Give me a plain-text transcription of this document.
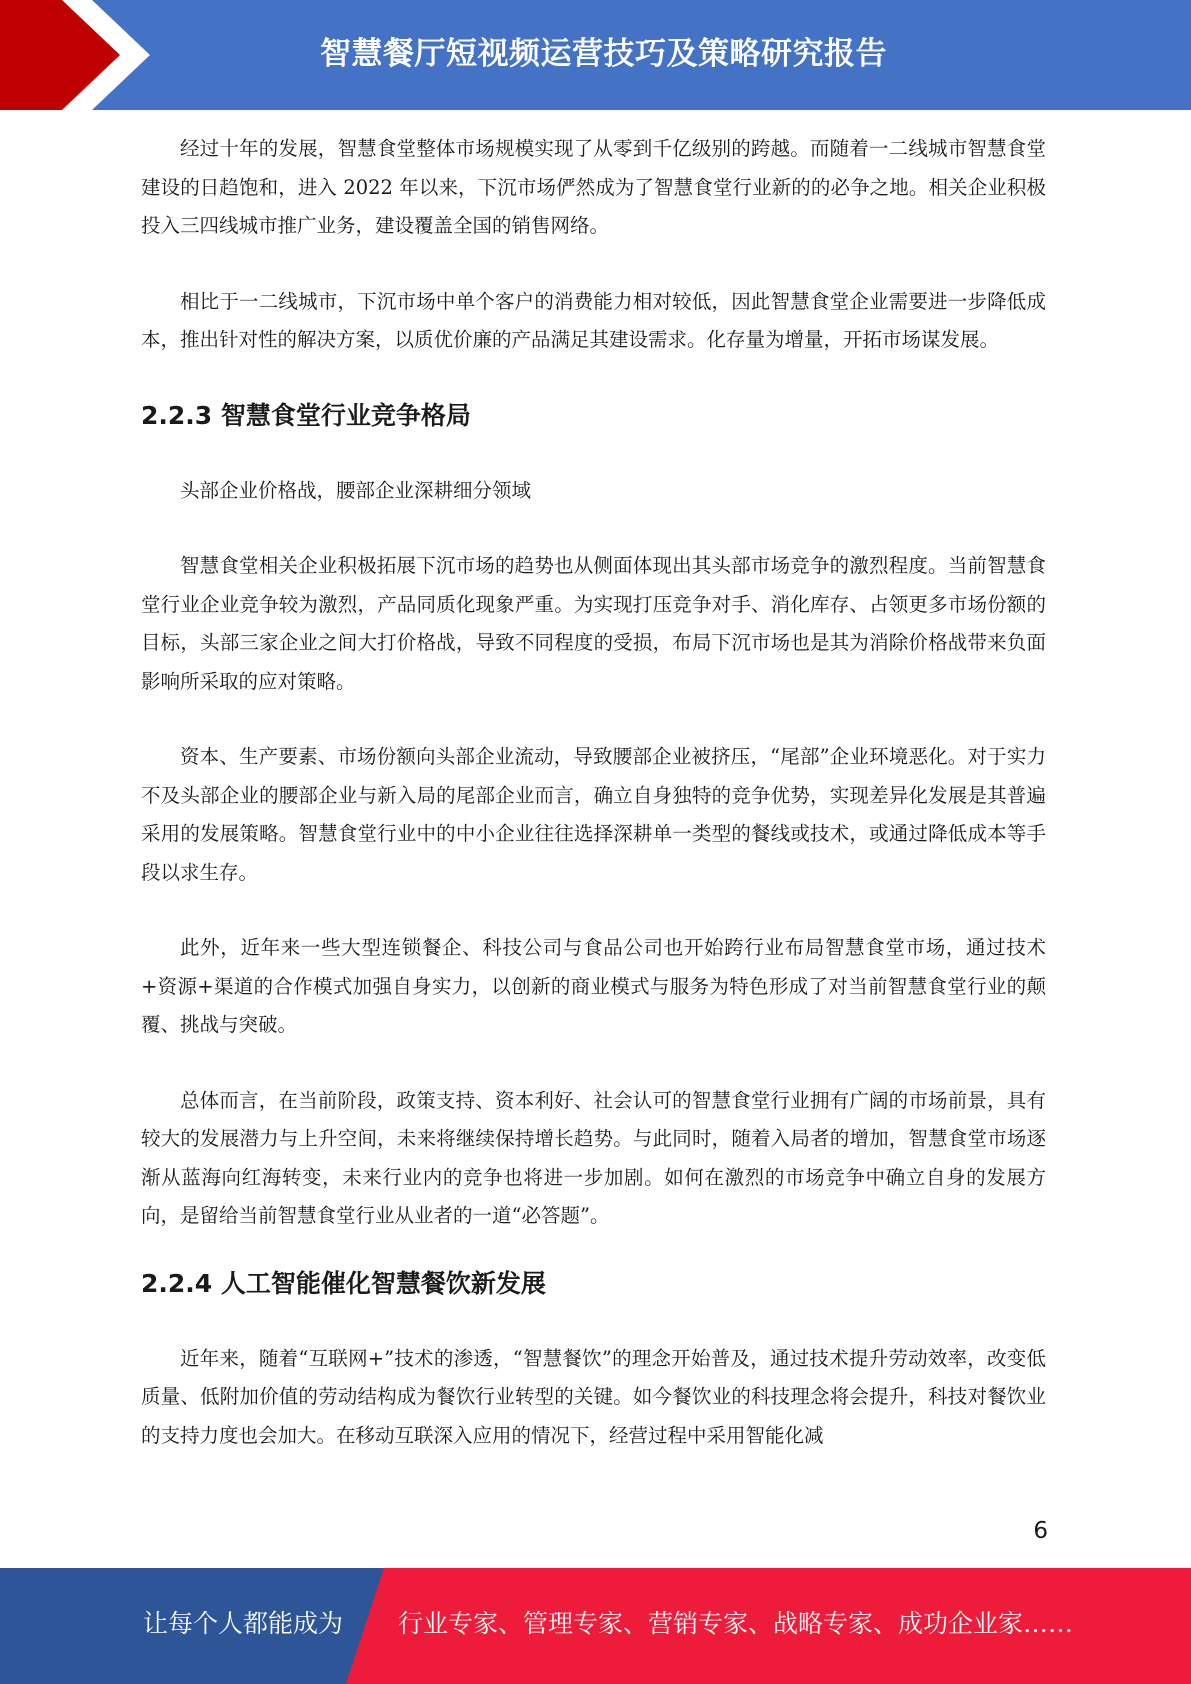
智慧餐厅短视频运营技巧及策略研究报告

经过十年的发展，智慧食堂整体市场规模实现了从零到千亿级别的跨越。而随着一二线城市智慧食堂建设的日趋饱和，进入 2022 年以来，下沉市场俨然成为了智慧食堂行业新的的必争之地。相关企业积极投入三四线城市推广业务，建设覆盖全国的销售网络。

相比于一二线城市，下沉市场中单个客户的消费能力相对较低，因此智慧食堂企业需要进一步降低成本，推出针对性的解决方案，以质优价廉的产品满足其建设需求。化存量为增量，开拓市场谋发展。

2.2.3 智慧食堂行业竞争格局

头部企业价格战，腰部企业深耕细分领域

智慧食堂相关企业积极拓展下沉市场的趋势也从侧面体现出其头部市场竞争的激烈程度。当前智慧食堂行业企业竞争较为激烈，产品同质化现象严重。为实现打压竞争对手、消化库存、占领更多市场份额的目标，头部三家企业之间大打价格战，导致不同程度的受损，布局下沉市场也是其为消除价格战带来负面影响所采取的应对策略。

资本、生产要素、市场份额向头部企业流动，导致腰部企业被挤压，“尾部”企业环境恶化。对于实力不及头部企业的腰部企业与新入局的尾部企业而言，确立自身独特的竞争优势，实现差异化发展是其普遍采用的发展策略。智慧食堂行业中的中小企业往往选择深耕单一类型的餐线或技术，或通过降低成本等手段以求生存。

此外，近年来一些大型连锁餐企、科技公司与食品公司也开始跨行业布局智慧食堂市场，通过技术+资源+渠道的合作模式加强自身实力，以创新的商业模式与服务为特色形成了对当前智慧食堂行业的颠覆、挑战与突破。

总体而言，在当前阶段，政策支持、资本利好、社会认可的智慧食堂行业拥有广阔的市场前景，具有较大的发展潜力与上升空间，未来将继续保持增长趋势。与此同时，随着入局者的增加，智慧食堂市场逐渐从蓝海向红海转变，未来行业内的竞争也将进一步加剧。如何在激烈的市场竞争中确立自身的发展方向，是留给当前智慧食堂行业从业者的一道“必答题”。

2.2.4 人工智能催化智慧餐饮新发展

近年来，随着“互联网+”技术的渗透，“智慧餐饮”的理念开始普及，通过技术提升劳动效率，改变低质量、低附加价值的劳动结构成为餐饮行业转型的关键。如今餐饮业的科技理念将会提升，科技对餐饮业的支持力度也会加大。在移动互联深入应用的情况下，经营过程中采用智能化减

6
让每个人都能成为 行业专家、管理专家、营销专家、战略专家、成功企业家……
